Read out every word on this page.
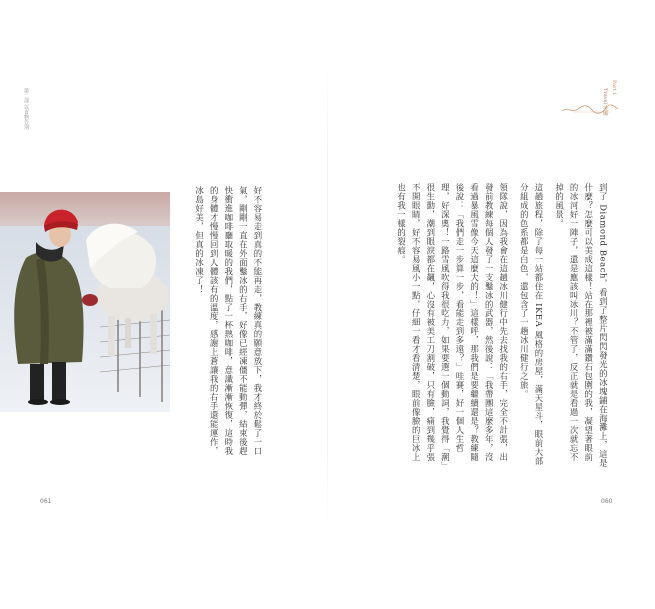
第二部 以食物告別	Travel 美國
Part 1

到了 Diamond Beach，看到了整片閃閃發光的冰塊鋪在海灘上，這是什麼？怎麼可以美成這樣！站在那裡被滿滿鑽石包圍的我，凝望著眼前的冰河好一陣子，還是應該叫冰川？不管了，反正就是看過一次就忘不掉的風景。

這趟旅程，除了每一站都住在 IKEA 風格的房屋，滿天星斗，眼前大部分組成的色系都是白色，還包含了一趟冰川健行之旅。

領隊說，因為我會在這趟冰川健行中先去找我的右手，完全不計張，出發前教練每個人發了一支鑿冰的武器，然後說：「我帶團這麼多年，沒看過暴風雪像今天這麼大的！」這樣呼，那我們是要繼續還是？教練隨後說：「我們走一步算一步，看能走到多遠？」哇賽，好一個人生哲理，好深奧！一路雪風吹得我很吃力，如果要選一個動詞，我覺得「潮」很生動，潮到眼淚都在飆，心沒有被美工刀割破，只有臉，痛到幾乎張不開眼睛，好不容易風小一點，仔細一看才看清楚，眼前像臉的巨冰上也有我一樣的裂痕。

好不容易走到真的不能再走，教練真的願意放下，我才終於鬆了一口氣，剛剛一直在外面鑿冰的右手，好像已經凍僵不能動彈，結束後趕快衝進咖啡廳取暖的我們，點了一杯熱咖啡，意識漸漸恢復，這時我的身體才慢慢回到人體該有的溫度，感謝上蒼讓我的右手還能運作，冰島好美，但真的冰凍了！

061	060
